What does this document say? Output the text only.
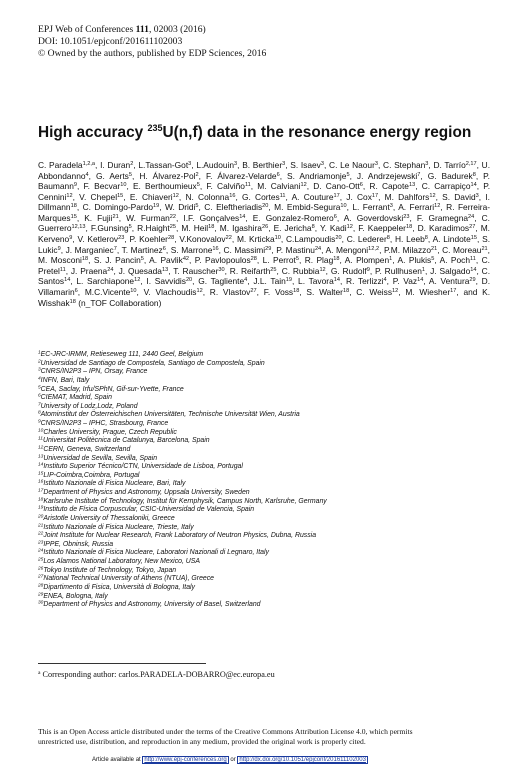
EPJ Web of Conferences 111, 02003 (2016)
DOI: 10.1051/epjconf/201611102003
© Owned by the authors, published by EDP Sciences, 2016
High accuracy $^{235}$U(n,f) data in the resonance energy region
C. Paradela$^{1,2,a}$, I. Duran$^2$, L.Tassan-Got$^3$, L.Audouin$^3$, B. Berthier$^3$, S. Isaev$^3$, C. Le Naour$^3$, C. Stephan$^3$, D. Tarrío$^{2,17}$, U. Abbondanno$^4$, G. Aerts$^5$, H. Álvarez-Pol$^2$, F. Álvarez-Velarde$^6$, S. Andriamonje$^5$, J. Andrzejewski$^7$, G. Badurek$^8$, P. Baumann$^9$, F. Becvar$^{10}$, E. Berthoumieux$^5$, F. Calviño$^{11}$, M. Calviani$^{12}$, D. Cano-Ott$^6$, R. Capote$^{13}$, C. Carrapiço$^{14}$, P. Cennini$^{12}$, V. Chepel$^{15}$, E. Chiaveri$^{12}$, N. Colonna$^{16}$, G. Cortes$^{11}$, A. Couture$^{17}$, J. Cox$^{17}$, M. Dahlfors$^{12}$, S. David$^3$, I. Dillmann$^{18}$, C. Domingo-Pardo$^{19}$, W. Dridi$^5$, C. Eleftheriadis$^{20}$, M. Embid-Segura$^{10}$, L. Ferrant$^3$, A. Ferrari$^{12}$, R. Ferreira-Marques$^{15}$, K. Fujii$^{21}$, W. Furman$^{22}$, I.F. Gonçalves$^{14}$, E. Gonzalez-Romero$^6$, A. Goverdovski$^{23}$, F. Gramegna$^{24}$, C. Guerrero$^{12,13}$, F.Gunsing$^5$, R.Haight$^{25}$, M. Heil$^{18}$, M. Igashira$^{26}$, E. Jericha$^8$, Y. Kadi$^{12}$, F. Kaeppeler$^{18}$, D. Karadimos$^{27}$, M. Kerveno$^9$, V. Ketlerov$^{23}$, P. Koehler$^{28}$, V.Konovalov$^{22}$, M. Krticka$^{10}$, C.Lampoudis$^{20}$, C. Lederer$^8$, H. Leeb$^8$, A. Lindote$^{15}$, S. Lukic$^9$, J. Marganiec$^7$, T. Martinez$^6$, S. Marrone$^{16}$, C. Massimi$^{29}$, P. Mastinu$^{24}$, A. Mengoni$^{12,2}$, P.M. Milazzo$^{21}$, C. Moreau$^{21}$, M. Mosconi$^{18}$, S. J. Pancin$^5$, A. Pavlik$^{42}$, P. Pavlopoulos$^{28}$, L. Perrot$^5$, R. Plag$^{18}$, A. Plompen$^1$, A. Plukis$^5$, A. Poch$^{11}$, C. Pretel$^{11}$, J. Praena$^{24}$, J. Quesada$^{13}$, T. Rauscher$^{30}$, R. Reifarth$^{25}$, C. Rubbia$^{12}$, G. Rudolf$^9$, P. Rullhusen$^1$, J. Salgado$^{14}$, C. Santos$^{14}$, L. Sarchiapone$^{12}$, I. Savvidis$^{20}$, G. Tagliente$^4$, J.L. Tain$^{19}$, L. Tavora$^{14}$, R. Terlizzi$^4$, P. Vaz$^{14}$, A. Ventura$^{29}$, D. Villamarin$^6$, M.C.Vicente$^{10}$, V. Vlachoudis$^{12}$, R. Vlastov$^{27}$, F. Voss$^{18}$, S. Walter$^{18}$, C. Weiss$^{12}$, M. Wiesher$^{17}$, and K. Wisshak$^{18}$ (n_TOF Collaboration)
$^1$EC-JRC-IRMM, Retieseweg 111, 2440 Geel, Belgium
$^2$Universidad de Santiago de Compostela, Santiago de Compostela, Spain
$^3$CNRS/IN2P3 – IPN, Orsay, France
$^4$INFN, Bari, Italy
$^5$CEA, Saclay, Irfu/SPhN, Gif-sur-Yvette, France
$^6$CIEMAT, Madrid, Spain
$^7$University of Lodz,Lodz, Poland
$^8$Atominstitut der Österreichischen Universitäten, Technische Universität Wien, Austria
$^9$CNRS/IN2P3 – IPHC, Strasbourg, France
$^{10}$Charles University, Prague, Czech Republic
$^{11}$Universitat Politècnica de Catalunya, Barcelona, Spain
$^{12}$CERN, Geneva, Switzerland
$^{13}$Universidad de Sevilla, Sevilla, Spain
$^{14}$Instituto Superior Técnico/CTN, Universidade de Lisboa, Portugal
$^{15}$LIP-Coimbra,Coimbra, Portugal
$^{16}$Istituto Nazionale di Fisica Nucleare, Bari, Italy
$^{17}$Department of Physics and Astronomy, Uppsala University, Sweden
$^{18}$Karlsruhe Institute of Technology, Institut für Kernphysik, Campus North, Karlsruhe, Germany
$^{19}$Instituto de Física Corpuscular, CSIC-Universidad de Valencia, Spain
$^{20}$Aristotle University of Thessaloniki, Greece
$^{21}$Istituto Nazionale di Fisica Nucleare, Trieste, Italy
$^{22}$Joint Institute for Nuclear Research, Frank Laboratory of Neutron Physics, Dubna, Russia
$^{23}$IPPE, Obninsk, Russia
$^{24}$Istituto Nazionale di Fisica Nucleare, Laboratori Nazionali di Legnaro, Italy
$^{25}$Los Alamos National Laboratory, New Mexico, USA
$^{26}$Tokyo Institute of Technology, Tokyo, Japan
$^{27}$National Technical University of Athens (NTUA), Greece
$^{28}$Dipartimento di Fisica, Università di Bologna, Italy
$^{29}$ENEA, Bologna, Italy
$^{30}$Department of Physics and Astronomy, University of Basel, Switzerland
$^a$ Corresponding author: carlos.PARADELA-DOBARRO@ec.europa.eu
This is an Open Access article distributed under the terms of the Creative Commons Attribution License 4.0, which permits
unrestricted use, distribution, and reproduction in any medium, provided the original work is properly cited.
Article available at http://www.epj-conferences.org or http://dx.doi.org/10.1051/epjconf/201611102003
